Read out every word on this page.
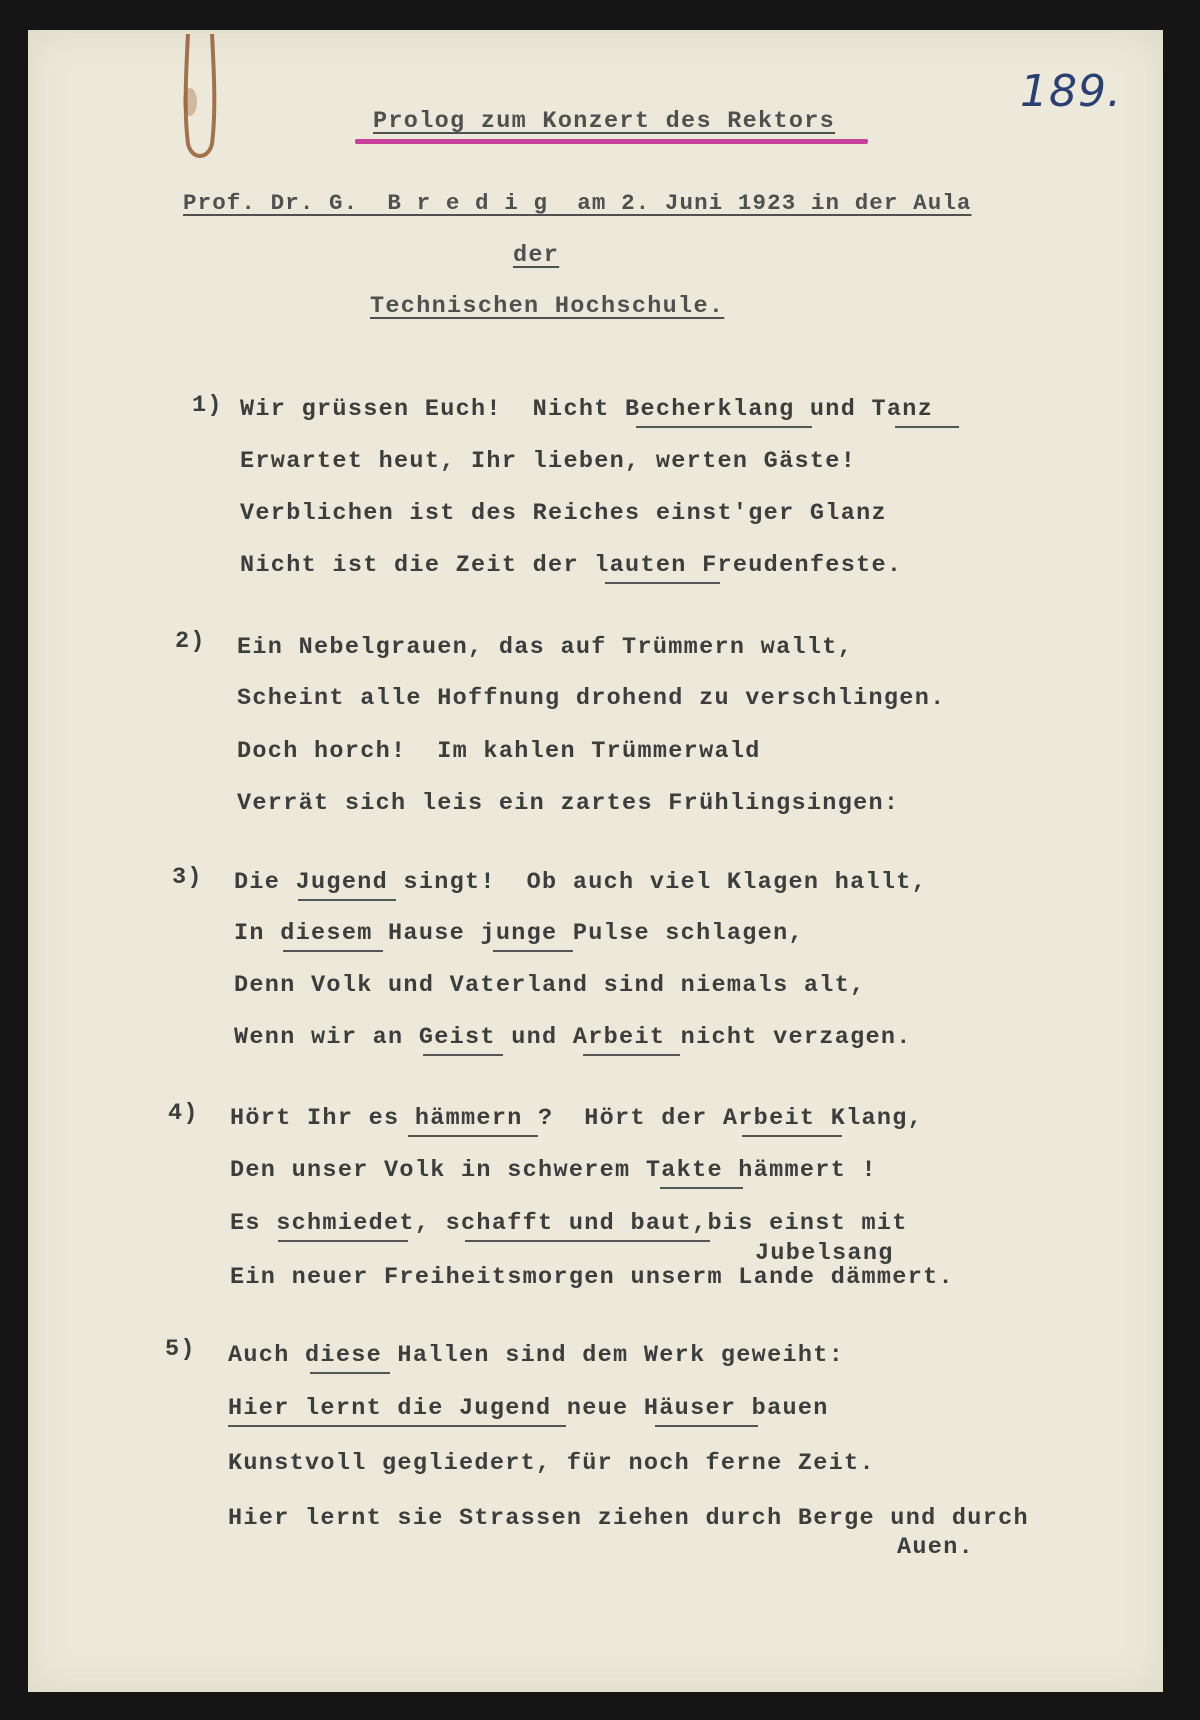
189.

Prolog zum Konzert des Rektors

Prof. Dr. G.  B r e d i g  am 2. Juni 1923 in der Aula

der

Technischen Hochschule.

1) Wir grüssen Euch!  Nicht Becherklang und Tanz

Erwartet heut, Ihr lieben, werten Gäste!

Verblichen ist des Reiches einst'ger Glanz

Nicht ist die Zeit der lauten Freudenfeste.

2) Ein Nebelgrauen, das auf Trümmern wallt,

Scheint alle Hoffnung drohend zu verschlingen.

Doch horch!  Im kahlen Trümmerwald

Verrät sich leis ein zartes Frühlingsingen:

3) Die Jugend singt!  Ob auch viel Klagen hallt,

In diesem Hause junge Pulse schlagen,

Denn Volk und Vaterland sind niemals alt,

Wenn wir an Geist und Arbeit nicht verzagen.

4) Hört Ihr es hämmern ?  Hört der Arbeit Klang,

Den unser Volk in schwerem Takte hämmert !

Es schmiedet, schafft und baut,bis einst mit

Jubelsang

Ein neuer Freiheitsmorgen unserm Lande dämmert.

5) Auch diese Hallen sind dem Werk geweiht:

Hier lernt die Jugend neue Häuser bauen

Kunstvoll gegliedert, für noch ferne Zeit.

Hier lernt sie Strassen ziehen durch Berge und durch

Auen.
